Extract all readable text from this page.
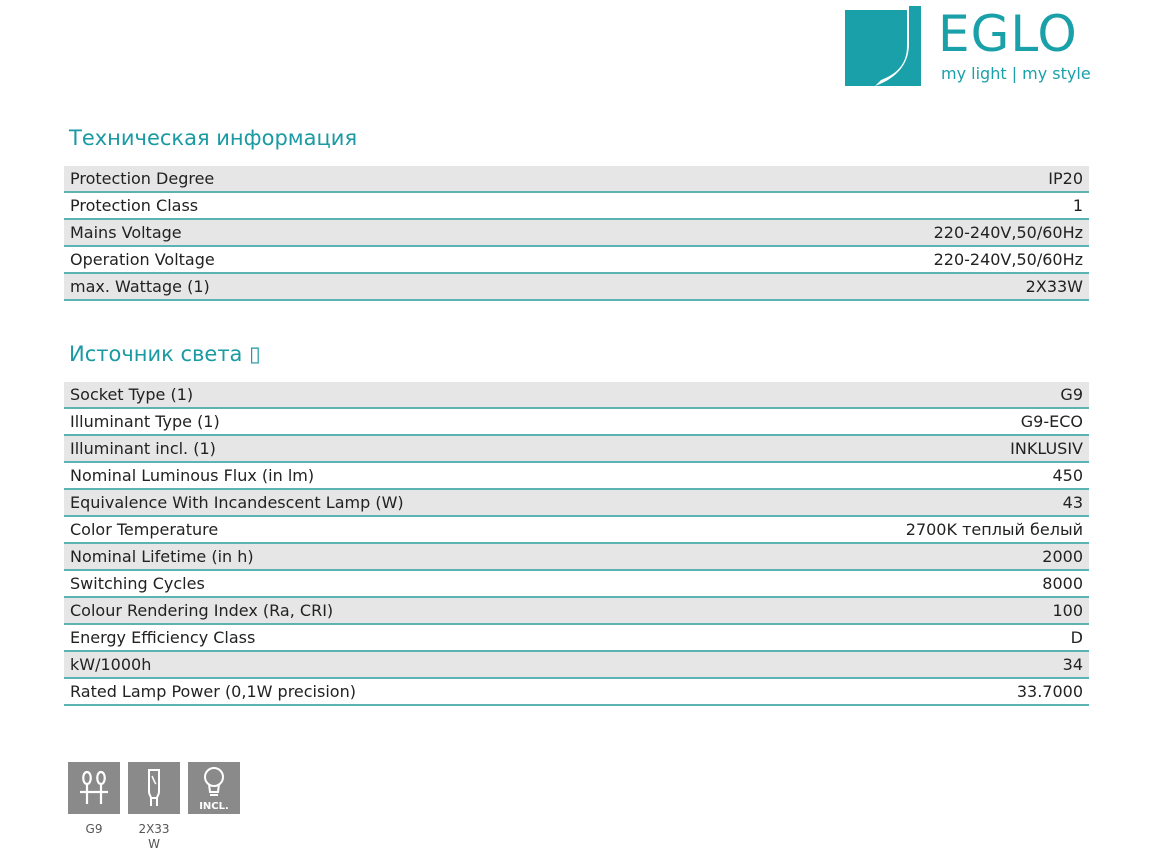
EGLO
my light | my style
Техническая информация
Protection Degree	IP20
Protection Class	1
Mains Voltage	220-240V,50/60Hz
Operation Voltage	220-240V,50/60Hz
max. Wattage (1)	2X33W
Источник света ▯
Socket Type (1)	G9
Illuminant Type (1)	G9-ECO
Illuminant incl. (1)	INKLUSIV
Nominal Luminous Flux (in lm)	450
Equivalence With Incandescent Lamp (W)	43
Color Temperature	2700K теплый белый
Nominal Lifetime (in h)	2000
Switching Cycles	8000
Colour Rendering Index (Ra, CRI)	100
Energy Efficiency Class	D
kW/1000h	34
Rated Lamp Power (0,1W precision)	33.7000
G9	2X33
W
INCL.
